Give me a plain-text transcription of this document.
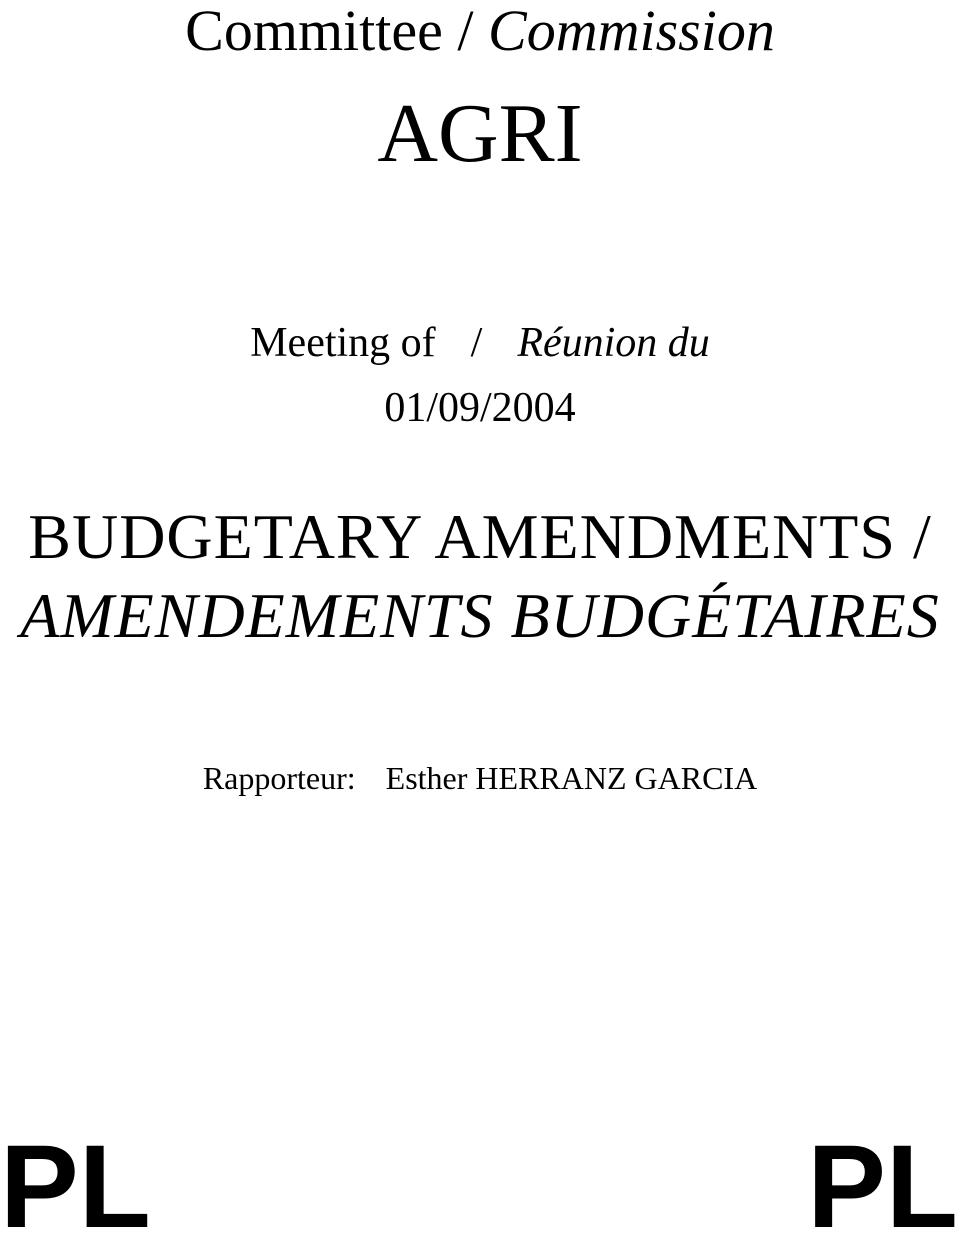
Committee / Commission
AGRI
Meeting of / Réunion du
01/09/2004
BUDGETARY AMENDMENTS /
AMENDEMENTS BUDGÉTAIRES
Rapporteur: Esther HERRANZ GARCIA
PL	PL
